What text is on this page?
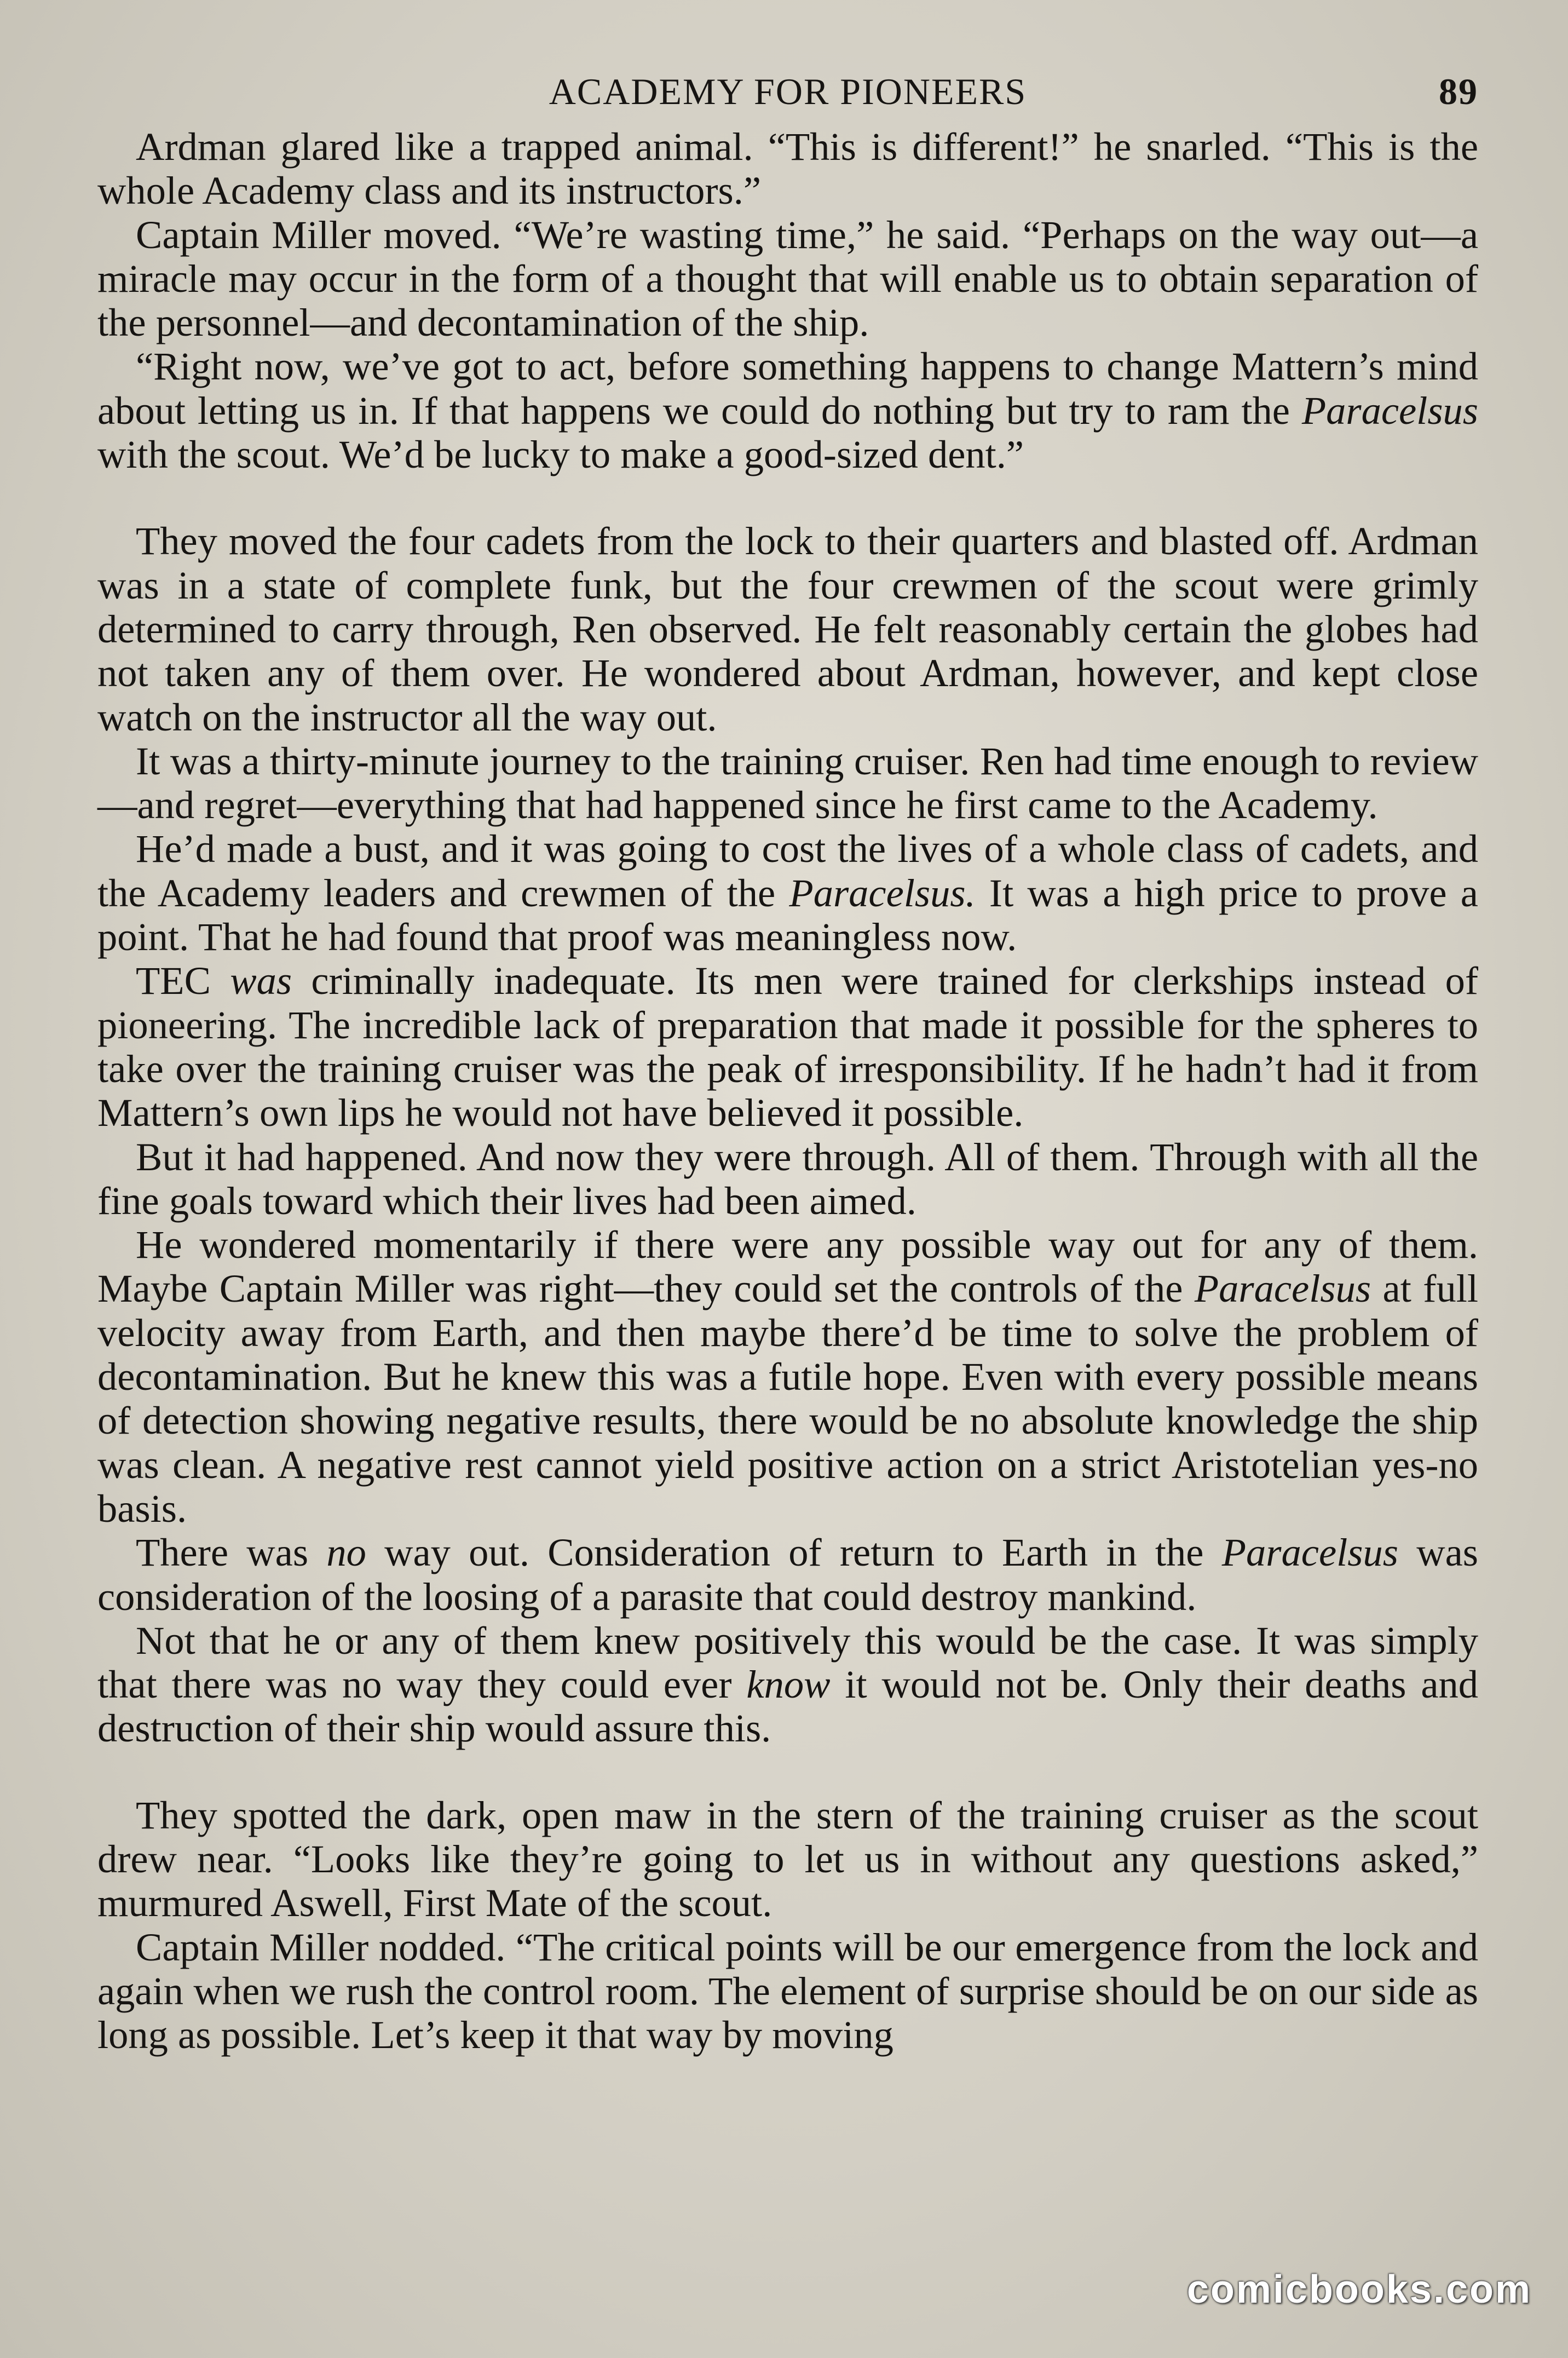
ACADEMY FOR PIONEERS	89

Ardman glared like a trapped animal. “This is different!” he snarled. “This is the whole Academy class and its instructors.”

Captain Miller moved. “We’re wasting time,” he said. “Perhaps on the way out—a miracle may occur in the form of a thought that will enable us to obtain separation of the personnel—and decontamination of the ship.

“Right now, we’ve got to act, before something happens to change Mattern’s mind about letting us in. If that happens we could do nothing but try to ram the Paracelsus with the scout. We’d be lucky to make a good-sized dent.”

They moved the four cadets from the lock to their quarters and blasted off. Ardman was in a state of complete funk, but the four crewmen of the scout were grimly determined to carry through, Ren observed. He felt reasonably certain the globes had not taken any of them over. He wondered about Ardman, however, and kept close watch on the instructor all the way out.

It was a thirty-minute journey to the training cruiser. Ren had time enough to review—and regret—everything that had happened since he first came to the Academy.

He’d made a bust, and it was going to cost the lives of a whole class of cadets, and the Academy leaders and crewmen of the Paracelsus. It was a high price to prove a point. That he had found that proof was meaningless now.

TEC was criminally inadequate. Its men were trained for clerkships instead of pioneering. The incredible lack of preparation that made it possible for the spheres to take over the training cruiser was the peak of irresponsibility. If he hadn’t had it from Mattern’s own lips he would not have believed it possible.

But it had happened. And now they were through. All of them. Through with all the fine goals toward which their lives had been aimed.

He wondered momentarily if there were any possible way out for any of them. Maybe Captain Miller was right—they could set the controls of the Paracelsus at full velocity away from Earth, and then maybe there’d be time to solve the problem of decontamination. But he knew this was a futile hope. Even with every possible means of detection showing negative results, there would be no absolute knowledge the ship was clean. A negative rest cannot yield positive action on a strict Aristotelian yes-no basis.

There was no way out. Consideration of return to Earth in the Paracelsus was consideration of the loosing of a parasite that could destroy mankind.

Not that he or any of them knew positively this would be the case. It was simply that there was no way they could ever know it would not be. Only their deaths and destruction of their ship would assure this.

They spotted the dark, open maw in the stern of the training cruiser as the scout drew near. “Looks like they’re going to let us in without any questions asked,” murmured Aswell, First Mate of the scout.

Captain Miller nodded. “The critical points will be our emergence from the lock and again when we rush the control room. The element of surprise should be on our side as long as possible. Let’s keep it that way by moving

comicbooks.com
